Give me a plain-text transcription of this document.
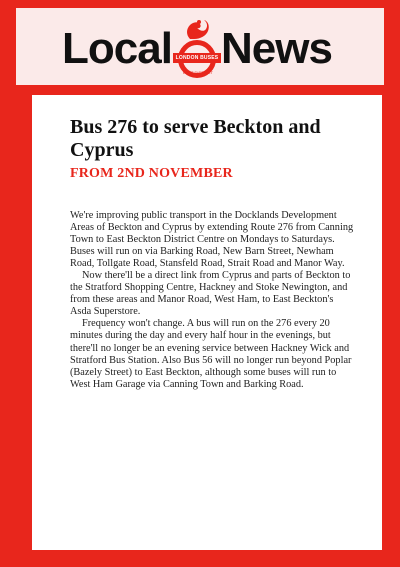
Local LONDON BUSES
EAST DISTRICT News
Bus 276 to serve Beckton and Cyprus
FROM 2ND NOVEMBER

We're improving public transport in the Docklands Development Areas of Beckton and Cyprus by extending Route 276 from Canning Town to East Beckton District Centre on Mondays to Saturdays. Buses will run on via Barking Road, New Barn Street, Newham Road, Tollgate Road, Stansfeld Road, Strait Road and Manor Way.

Now there'll be a direct link from Cyprus and parts of Beckton to the Stratford Shopping Centre, Hackney and Stoke Newington, and from these areas and Manor Road, West Ham, to East Beckton's Asda Superstore.

Frequency won't change. A bus will run on the 276 every 20 minutes during the day and every half hour in the evenings, but there'll no longer be an evening service between Hackney Wick and Stratford Bus Station. Also Bus 56 will no longer run beyond Poplar (Bazely Street) to East Beckton, although some buses will run to West Ham Garage via Canning Town and Barking Road.
